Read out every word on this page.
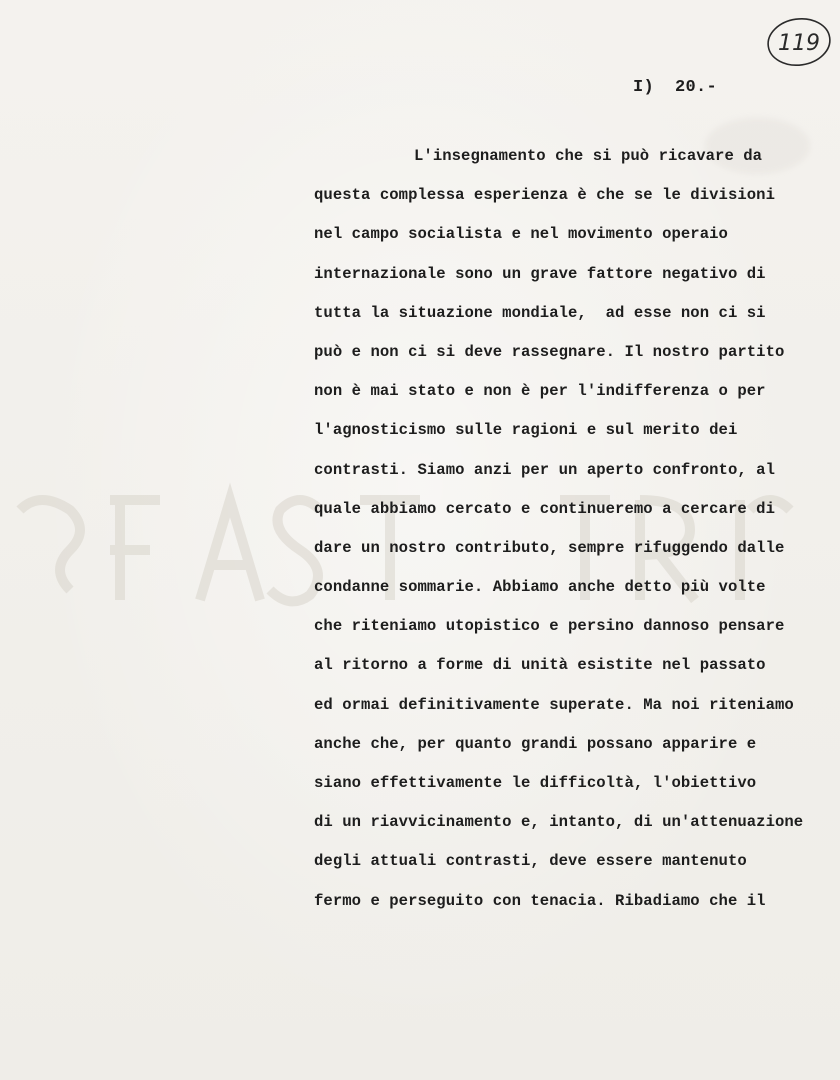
119
I)  20.-
L'insegnamento che si può ricavare da
questa complessa esperienza è che se le divisioni
nel campo socialista e nel movimento operaio
internazionale sono un grave fattore negativo di
tutta la situazione mondiale,  ad esse non ci si
può e non ci si deve rassegnare. Il nostro partito
non è mai stato e non è per l'indifferenza o per
l'agnosticismo sulle ragioni e sul merito dei
contrasti. Siamo anzi per un aperto confronto, al
quale abbiamo cercato e continueremo a cercare di
dare un nostro contributo, sempre rifuggendo dalle
condanne sommarie. Abbiamo anche detto più volte
che riteniamo utopistico e persino dannoso pensare
al ritorno a forme di unità esistite nel passato
ed ormai definitivamente superate. Ma noi riteniamo
anche che, per quanto grandi possano apparire e
siano effettivamente le difficoltà, l'obiettivo
di un riavvicinamento e, intanto, di un'attenuazione
degli attuali contrasti, deve essere mantenuto
fermo e perseguito con tenacia. Ribadiamo che il
